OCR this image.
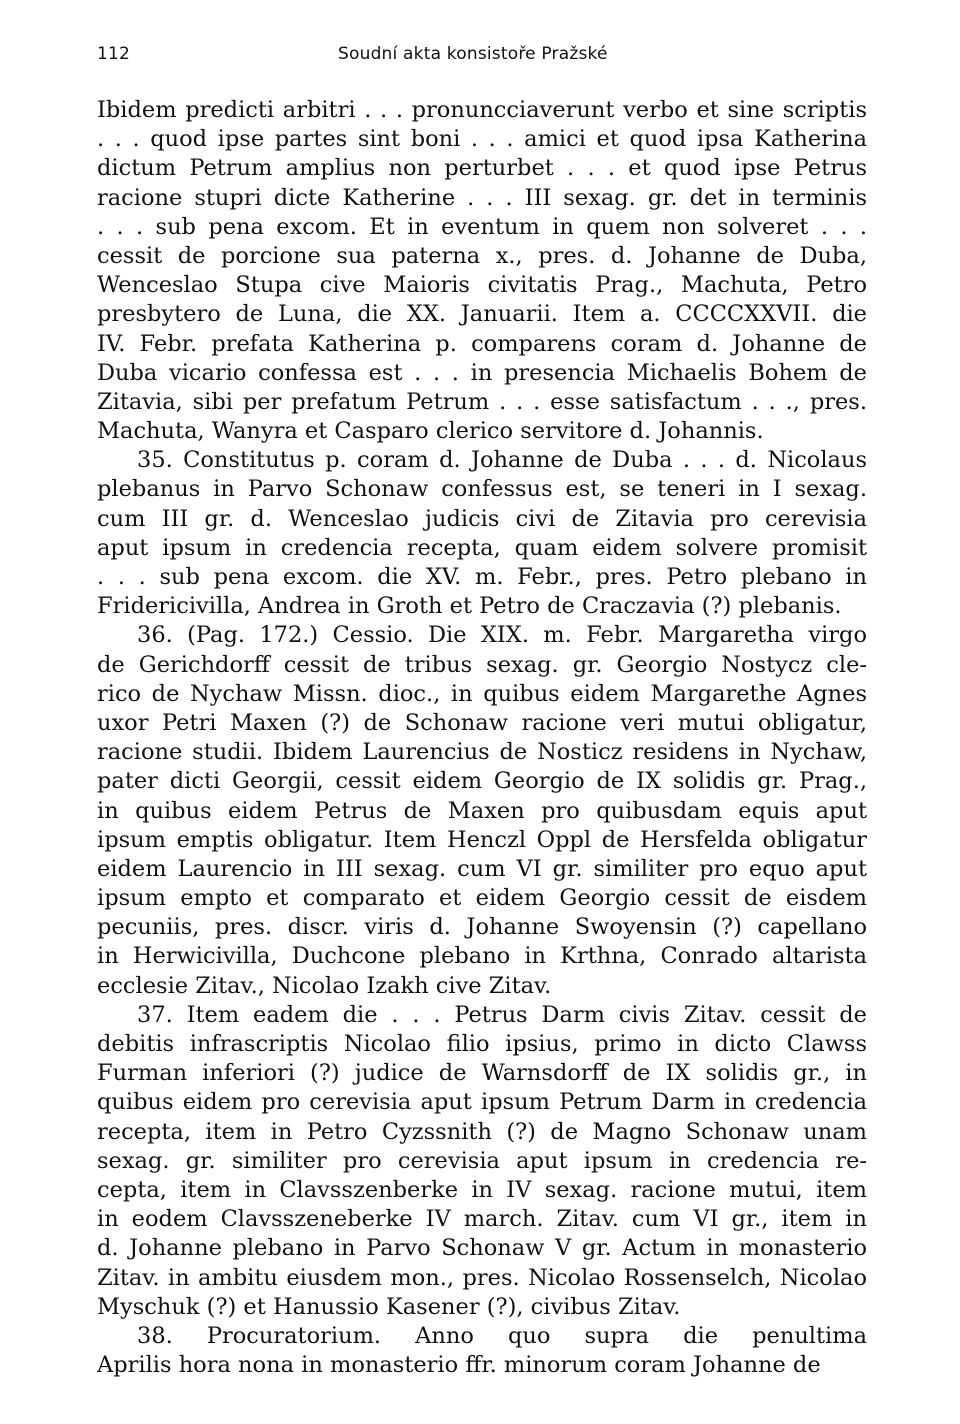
112	Soudní akta konsistoře Pražské
Ibidem predicti arbitri . . . pronuncciaverunt verbo et sine scriptis
. . . quod ipse partes sint boni . . . amici et quod ipsa Katherina
dictum Petrum amplius non perturbet . . . et quod ipse Petrus
racione stupri dicte Katherine . . . III sexag. gr. det in terminis
. . . sub pena excom. Et in eventum in quem non solveret . . .
cessit de porcione sua paterna x., pres. d. Johanne de Duba,
Wenceslao Stupa cive Maioris civitatis Prag., Machuta, Petro
presbytero de Luna, die XX. Januarii. Item a. CCCCXXVII. die
IV. Febr. prefata Katherina p. comparens coram d. Johanne de
Duba vicario confessa est . . . in presencia Michaelis Bohem de
Zitavia, sibi per prefatum Petrum . . . esse satisfactum . . ., pres.
Machuta, Wanyra et Casparo clerico servitore d. Johannis.
35. Constitutus p. coram d. Johanne de Duba . . . d. Nicolaus
plebanus in Parvo Schonaw confessus est, se teneri in I sexag.
cum III gr. d. Wenceslao judicis civi de Zitavia pro cerevisia
aput ipsum in credencia recepta, quam eidem solvere promisit
. . . sub pena excom. die XV. m. Febr., pres. Petro plebano in
Fridericivilla, Andrea in Groth et Petro de Craczavia (?) plebanis.
36. (Pag. 172.) Cessio. Die XIX. m. Febr. Margaretha virgo
de Gerichdorff cessit de tribus sexag. gr. Georgio Nostycz cle-
rico de Nychaw Missn. dioc., in quibus eidem Margarethe Agnes
uxor Petri Maxen (?) de Schonaw racione veri mutui obligatur,
racione studii. Ibidem Laurencius de Nosticz residens in Nychaw,
pater dicti Georgii, cessit eidem Georgio de IX solidis gr. Prag.,
in quibus eidem Petrus de Maxen pro quibusdam equis aput
ipsum emptis obligatur. Item Henczl Oppl de Hersfelda obligatur
eidem Laurencio in III sexag. cum VI gr. similiter pro equo aput
ipsum empto et comparato et eidem Georgio cessit de eisdem
pecuniis, pres. discr. viris d. Johanne Swoyensin (?) capellano
in Herwicivilla, Duchcone plebano in Krthna, Conrado altarista
ecclesie Zitav., Nicolao Izakh cive Zitav.
37. Item eadem die . . . Petrus Darm civis Zitav. cessit de
debitis infrascriptis Nicolao filio ipsius, primo in dicto Clawss
Furman inferiori (?) judice de Warnsdorff de IX solidis gr., in
quibus eidem pro cerevisia aput ipsum Petrum Darm in credencia
recepta, item in Petro Cyzssnith (?) de Magno Schonaw unam
sexag. gr. similiter pro cerevisia aput ipsum in credencia re-
cepta, item in Clavsszenberke in IV sexag. racione mutui, item
in eodem Clavsszeneberke IV march. Zitav. cum VI gr., item in
d. Johanne plebano in Parvo Schonaw V gr. Actum in monasterio
Zitav. in ambitu eiusdem mon., pres. Nicolao Rossenselch, Nicolao
Myschuk (?) et Hanussio Kasener (?), civibus Zitav.
38. Procuratorium. Anno quo supra die penultima
Aprilis hora nona in monasterio ffr. minorum coram Johanne de
